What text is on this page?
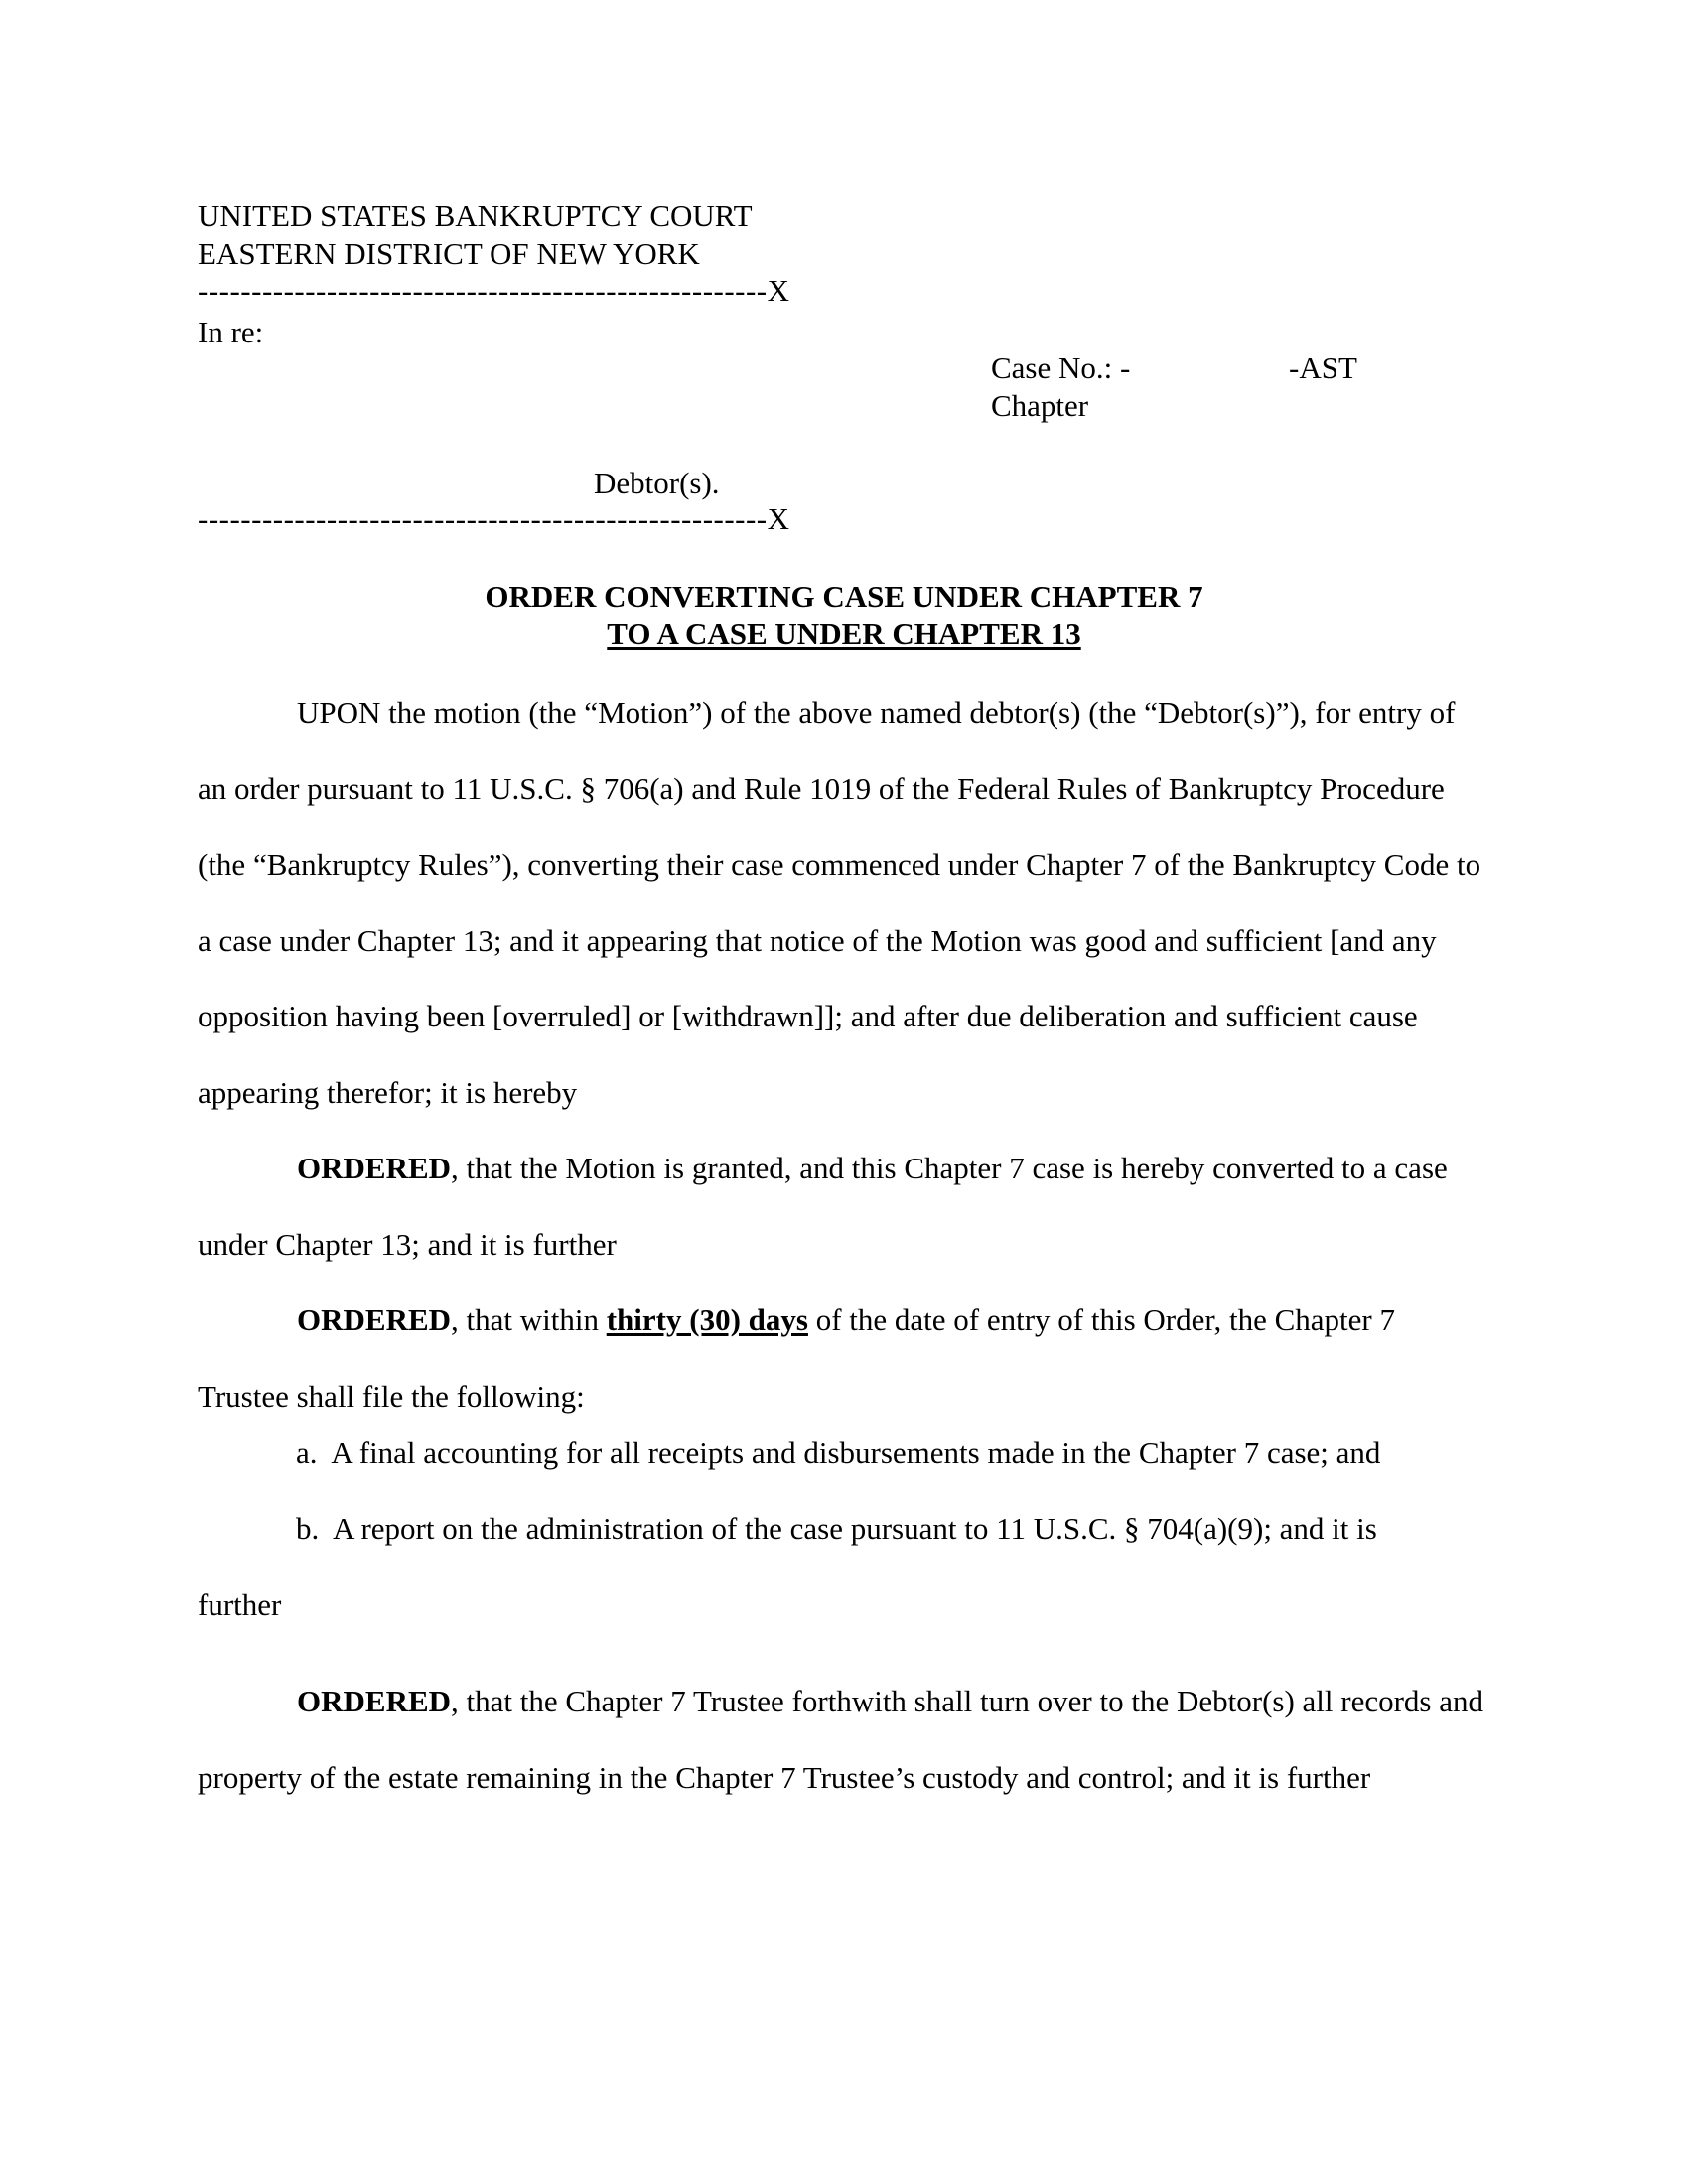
UNITED STATES BANKRUPTCY COURT
EASTERN DISTRICT OF NEW YORK
-----------------------------------------------------X
In re:
Case No.: -	-AST
Chapter
Debtor(s).
-----------------------------------------------------X
ORDER CONVERTING CASE UNDER CHAPTER 7
TO A CASE UNDER CHAPTER 13
UPON the motion (the “Motion”) of the above named debtor(s) (the “Debtor(s)”), for entry of an order pursuant to 11 U.S.C. § 706(a) and Rule 1019 of the Federal Rules of Bankruptcy Procedure (the “Bankruptcy Rules”), converting their case commenced under Chapter 7 of the Bankruptcy Code to a case under Chapter 13; and it appearing that notice of the Motion was good and sufficient [and any opposition having been [overruled] or [withdrawn]]; and after due deliberation and sufficient cause appearing therefor; it is hereby
ORDERED, that the Motion is granted, and this Chapter 7 case is hereby converted to a case under Chapter 13; and it is further
ORDERED, that within thirty (30) days of the date of entry of this Order, the Chapter 7 Trustee shall file the following:
a. A final accounting for all receipts and disbursements made in the Chapter 7 case; and
b. A report on the administration of the case pursuant to 11 U.S.C. § 704(a)(9); and it is
further
ORDERED, that the Chapter 7 Trustee forthwith shall turn over to the Debtor(s) all records and property of the estate remaining in the Chapter 7 Trustee’s custody and control; and it is further
